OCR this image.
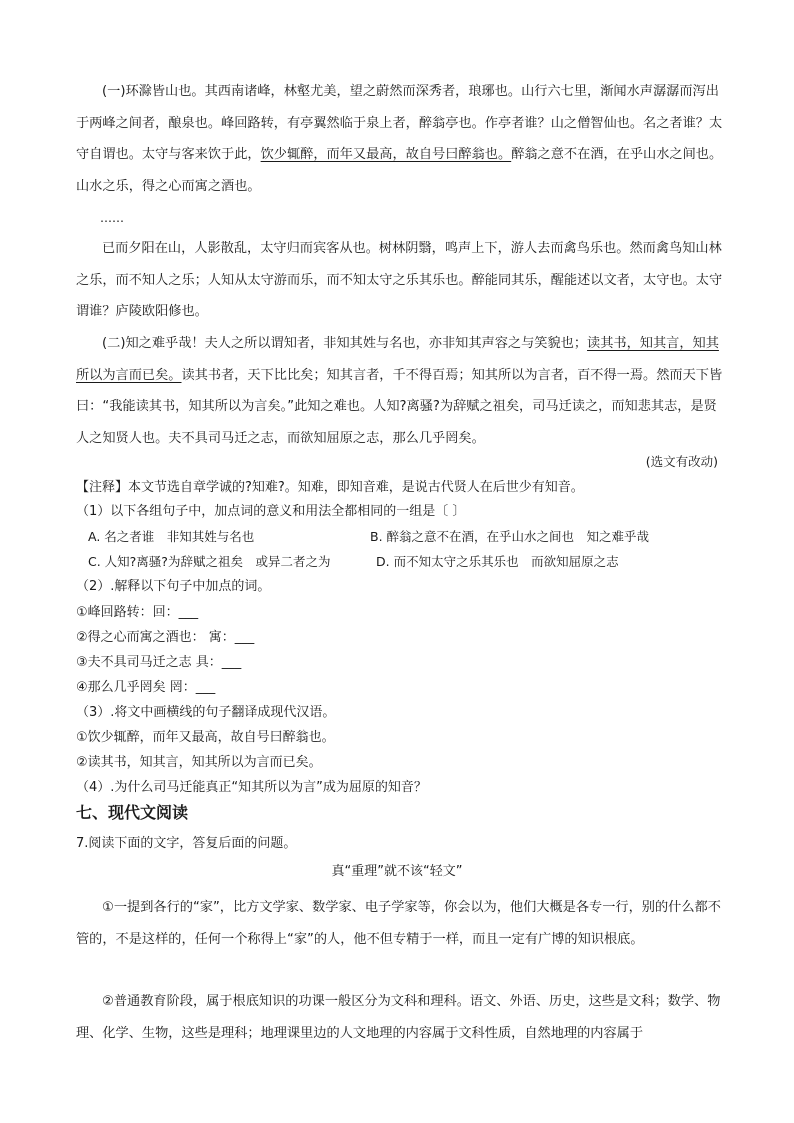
(一)环滁皆山也。其西南诸峰，林壑尤美，望之蔚然而深秀者，琅琊也。山行六七里，渐闻水声潺潺而泻出于两峰之间者，酿泉也。峰回路转，有亭翼然临于泉上者，醉翁亭也。作亭者谁？山之僧智仙也。名之者谁？太守自谓也。太守与客来饮于此，饮少辄醉，而年又最高，故自号曰醉翁也。醉翁之意不在酒，在乎山水之间也。山水之乐，得之心而寓之酒也。

……

已而夕阳在山，人影散乱，太守归而宾客从也。树林阴翳，鸣声上下，游人去而禽鸟乐也。然而禽鸟知山林之乐，而不知人之乐；人知从太守游而乐，而不知太守之乐其乐也。醉能同其乐，醒能述以文者，太守也。太守谓谁？庐陵欧阳修也。

(二)知之难乎哉！夫人之所以谓知者，非知其姓与名也，亦非知其声容之与笑貌也；读其书，知其言，知其所以为言而已矣。读其书者，天下比比矣；知其言者，千不得百焉；知其所以为言者，百不得一焉。然而天下皆曰：“我能读其书，知其所以为言矣。”此知之难也。人知?离骚?为辞赋之祖矣，司马迁读之，而知悲其志，是贤人之知贤人也。夫不具司马迁之志，而欲知屈原之志，那么几乎罔矣。

(选文有改动)

【注释】本文节选自章学诚的?知难?。知难，即知音难，是说古代贤人在后世少有知音。

（1）以下各组句子中，加点词的意义和用法全都相同的一组是〔 〕

A. 名之者谁　非知其姓与名也	B. 醉翁之意不在酒，在乎山水之间也　知之难乎哉
C. 人知?离骚?为辞赋之祖矣　或异二者之为	D. 而不知太守之乐其乐也　而欲知屈原之志

（2）.解释以下句子中加点的词。

①峰回路转：回：___

②得之心而寓之酒也： 寓：___

③夫不具司马迁之志 具：___

④那么几乎罔矣 罔：___

（3）.将文中画横线的句子翻译成现代汉语。

①饮少辄醉，而年又最高，故自号曰醉翁也。

②读其书，知其言，知其所以为言而已矣。

（4）.为什么司马迁能真正“知其所以为言”成为屈原的知音？

七、现代文阅读

7.阅读下面的文字，答复后面的问题。

真“重理”就不该“轻文”

①一提到各行的“家”，比方文学家、数学家、电子学家等，你会以为，他们大概是各专一行，别的什么都不管的，不是这样的，任何一个称得上“家”的人，他不但专精于一样，而且一定有广博的知识根底。

②普通教育阶段，属于根底知识的功课一般区分为文科和理科。语文、外语、历史，这些是文科；数学、物理、化学、生物，这些是理科；地理课里边的人文地理的内容属于文科性质，自然地理的内容属于
